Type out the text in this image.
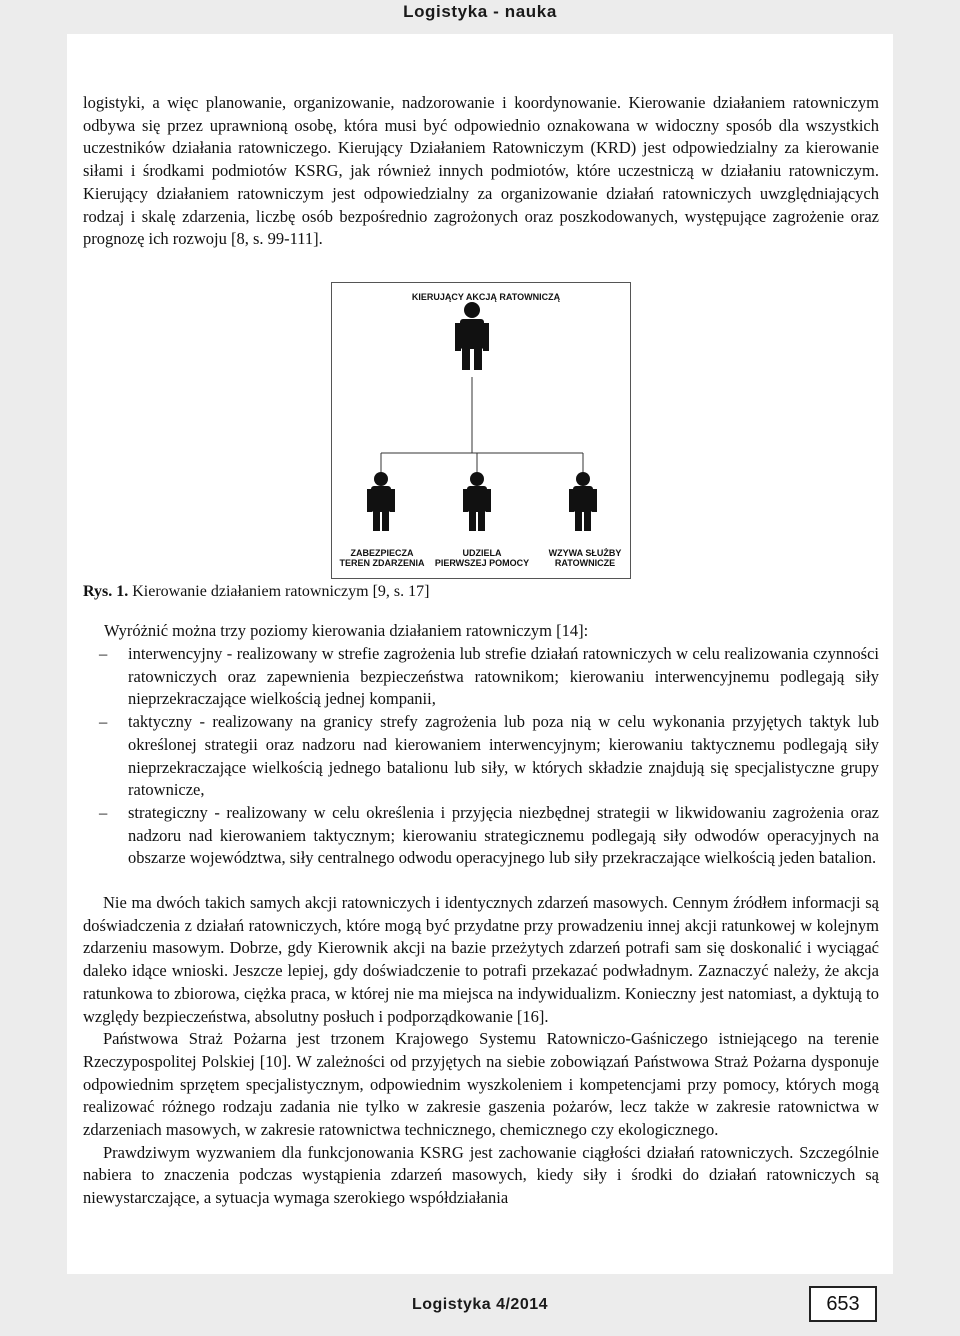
Logistyka - nauka

logistyki, a więc planowanie, organizowanie, nadzorowanie i koordynowanie. Kierowanie działaniem ratowniczym odbywa się przez uprawnioną osobę, która musi być odpowiednio oznakowana w widoczny sposób dla wszystkich uczestników działania ratowniczego. Kierujący Działaniem Ratowniczym (KRD) jest odpowiedzialny za kierowanie siłami i środkami podmiotów KSRG, jak również innych podmiotów, które uczestniczą w działaniu ratowniczym. Kierujący działaniem ratowniczym jest odpowiedzialny za organizowanie działań ratowniczych uwzględniających rodzaj i skalę zdarzenia, liczbę osób bezpośrednio zagrożonych oraz poszkodowanych, występujące zagrożenie oraz prognozę ich rozwoju [8, s. 99-111].

KIERUJĄCY AKCJĄ RATOWNICZĄ
ZABEZPIECZA
TEREN ZDARZENIA
UDZIELA
PIERWSZEJ POMOCY
WZYWA SŁUŻBY
RATOWNICZE
Rys. 1. Kierowanie działaniem ratowniczym [9, s. 17]
Wyróżnić można trzy poziomy kierowania działaniem ratowniczym [14]:
– interwencyjny - realizowany w strefie zagrożenia lub strefie działań ratowniczych w celu realizowania czynności ratowniczych oraz zapewnienia bezpieczeństwa ratownikom; kierowaniu interwencyjnemu podlegają siły nieprzekraczające wielkością jednej kompanii,
– taktyczny - realizowany na granicy strefy zagrożenia lub poza nią w celu wykonania przyjętych taktyk lub określonej strategii oraz nadzoru nad kierowaniem interwencyjnym; kierowaniu taktycznemu podlegają siły nieprzekraczające wielkością jednego batalionu lub siły, w których składzie znajdują się specjalistyczne grupy ratownicze,
– strategiczny - realizowany w celu określenia i przyjęcia niezbędnej strategii w likwidowaniu zagrożenia oraz nadzoru nad kierowaniem taktycznym; kierowaniu strategicznemu podlegają siły odwodów operacyjnych na obszarze województwa, siły centralnego odwodu operacyjnego lub siły przekraczające wielkością jeden batalion.

Nie ma dwóch takich samych akcji ratowniczych i identycznych zdarzeń masowych. Cennym źródłem informacji są doświadczenia z działań ratowniczych, które mogą być przydatne przy prowadzeniu innej akcji ratunkowej w kolejnym zdarzeniu masowym. Dobrze, gdy Kierownik akcji na bazie przeżytych zdarzeń potrafi sam się doskonalić i wyciągać daleko idące wnioski. Jeszcze lepiej, gdy doświadczenie to potrafi przekazać podwładnym. Zaznaczyć należy, że akcja ratunkowa to zbiorowa, ciężka praca, w której nie ma miejsca na indywidualizm. Konieczny jest natomiast, a dyktują to względy bezpieczeństwa, absolutny posłuch i podporządkowanie [16].

Państwowa Straż Pożarna jest trzonem Krajowego Systemu Ratowniczo-Gaśniczego istniejącego na terenie Rzeczypospolitej Polskiej [10]. W zależności od przyjętych na siebie zobowiązań Państwowa Straż Pożarna dysponuje odpowiednim sprzętem specjalistycznym, odpowiednim wyszkoleniem i kompetencjami przy pomocy, których mogą realizować różnego rodzaju zadania nie tylko w zakresie gaszenia pożarów, lecz także w zakresie ratownictwa w zdarzeniach masowych, w zakresie ratownictwa technicznego, chemicznego czy ekologicznego.

Prawdziwym wyzwaniem dla funkcjonowania KSRG jest zachowanie ciągłości działań ratowniczych. Szczególnie nabiera to znaczenia podczas wystąpienia zdarzeń masowych, kiedy siły i środki do działań ratowniczych są niewystarczające, a sytuacja wymaga szerokiego współdziałania

Logistyka 4/2014	653
